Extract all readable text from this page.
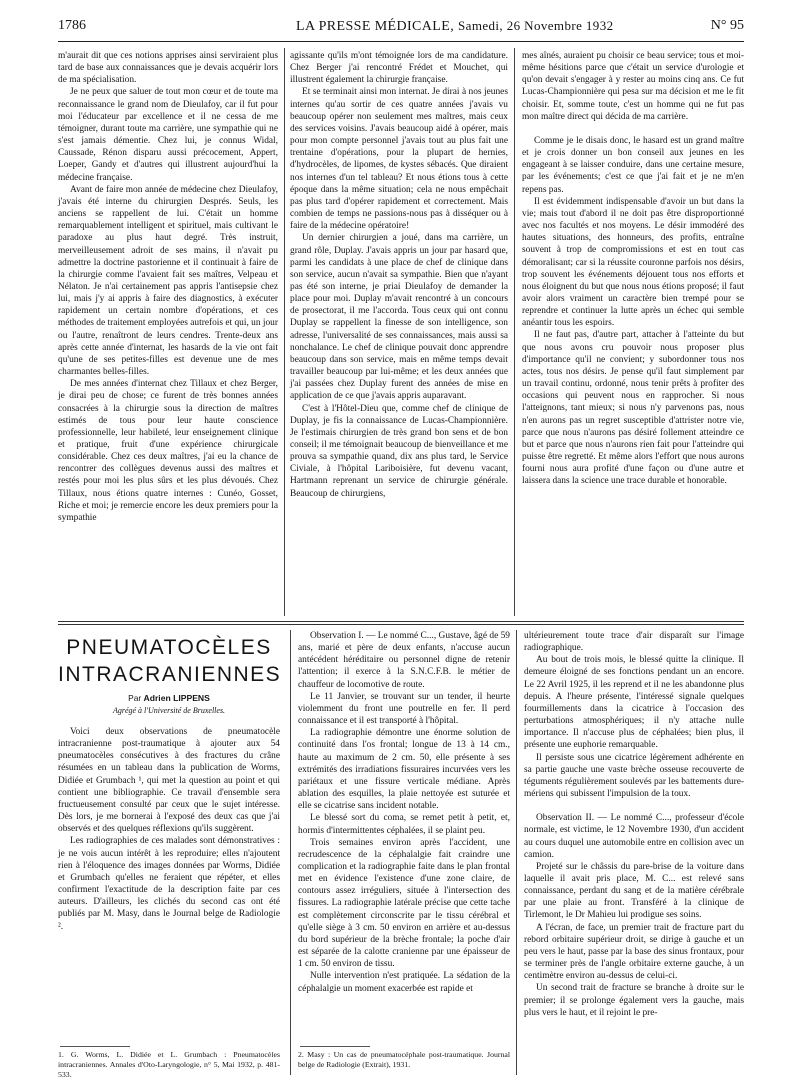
1786	LA PRESSE MÉDICALE, Samedi, 26 Novembre 1932	N° 95

m'aurait dit que ces notions apprises ainsi serviraient plus tard de base aux connaissances que je devais acquérir lors de ma spécialisation.

Je ne peux que saluer de tout mon cœur et de toute ma reconnaissance le grand nom de Dieulafoy, car il fut pour moi l'éducateur par excellence et il ne cessa de me témoigner, durant toute ma carrière, une sympathie qui ne s'est jamais démentie. Chez lui, je connus Widal, Caussade, Rénon disparu aussi précocement, Appert, Loeper, Gandy et d'autres qui illustrent aujourd'hui la médecine française.

Avant de faire mon année de médecine chez Dieulafoy, j'avais été interne du chirurgien Després. Seuls, les anciens se rappellent de lui. C'était un homme remarquablement intelligent et spirituel, mais cultivant le paradoxe au plus haut degré. Très instruit, merveilleusement adroit de ses mains, il n'avait pu admettre la doctrine pastorienne et il continuait à faire de la chirurgie comme l'avaient fait ses maîtres, Velpeau et Nélaton. Je n'ai certainement pas appris l'antisepsie chez lui, mais j'y ai appris à faire des diagnostics, à exécuter rapidement un certain nombre d'opérations, et ces méthodes de traitement employées autrefois et qui, un jour ou l'autre, renaîtront de leurs cendres. Trente-deux ans après cette année d'internat, les hasards de la vie ont fait qu'une de ses petites-filles est devenue une de mes charmantes belles-filles.

De mes années d'internat chez Tillaux et chez Berger, je dirai peu de chose; ce furent de très bonnes années consacrées à la chirurgie sous la direction de maîtres estimés de tous pour leur haute conscience professionnelle, leur habileté, leur enseignement clinique et pratique, fruit d'une expérience chirurgicale considérable. Chez ces deux maîtres, j'ai eu la chance de rencontrer des collègues devenus aussi des maîtres et restés pour moi les plus sûrs et les plus dévoués. Chez Tillaux, nous étions quatre internes : Cunéo, Gosset, Riche et moi; je remercie encore les deux premiers pour la sympathie

agissante qu'ils m'ont témoignée lors de ma candidature. Chez Berger j'ai rencontré Frédet et Mouchet, qui illustrent également la chirurgie française.

Et se terminait ainsi mon internat. Je dirai à nos jeunes internes qu'au sortir de ces quatre années j'avais vu beaucoup opérer non seulement mes maîtres, mais ceux des services voisins. J'avais beaucoup aidé à opérer, mais pour mon compte personnel j'avais tout au plus fait une trentaine d'opérations, pour la plupart de hernies, d'hydrocèles, de lipomes, de kystes sébacés. Que diraient nos internes d'un tel tableau? Et nous étions tous à cette époque dans la même situation; cela ne nous empêchait pas plus tard d'opérer rapidement et correctement. Mais combien de temps ne passions-nous pas à disséquer ou à faire de la médecine opératoire!

Un dernier chirurgien a joué, dans ma carrière, un grand rôle, Duplay. J'avais appris un jour par hasard que, parmi les candidats à une place de chef de clinique dans son service, aucun n'avait sa sympathie. Bien que n'ayant pas été son interne, je priai Dieulafoy de demander la place pour moi. Duplay m'avait rencontré à un concours de prosectorat, il me l'accorda. Tous ceux qui ont connu Duplay se rappellent la finesse de son intelligence, son adresse, l'universalité de ses connaissances, mais aussi sa nonchalance. Le chef de clinique pouvait donc apprendre beaucoup dans son service, mais en même temps devait travailler beaucoup par lui-même; et les deux années que j'ai passées chez Duplay furent des années de mise en application de ce que j'avais appris auparavant.

C'est à l'Hôtel-Dieu que, comme chef de clinique de Duplay, je fis la connaissance de Lucas-Championnière. Je l'estimais chirurgien de très grand bon sens et de bon conseil; il me témoignait beaucoup de bienveillance et me prouva sa sympathie quand, dix ans plus tard, le Service Civiale, à l'hôpital Lariboisière, fut devenu vacant, Hartmann reprenant un service de chirurgie générale. Beaucoup de chirurgiens,

mes aînés, auraient pu choisir ce beau service; tous et moi-même hésitions parce que c'était un service d'urologie et qu'on devait s'engager à y rester au moins cinq ans. Ce fut Lucas-Championnière qui pesa sur ma décision et me le fit choisir. Et, somme toute, c'est un homme qui ne fut pas mon maître direct qui décida de ma carrière.

Comme je le disais donc, le hasard est un grand maître et je crois donner un bon conseil aux jeunes en les engageant à se laisser conduire, dans une certaine mesure, par les événements; c'est ce que j'ai fait et je ne m'en repens pas.

Il est évidemment indispensable d'avoir un but dans la vie; mais tout d'abord il ne doit pas être disproportionné avec nos facultés et nos moyens. Le désir immodéré des hautes situations, des honneurs, des profits, entraîne souvent à trop de compromissions et est en tout cas démoralisant; car si la réussite couronne parfois nos désirs, trop souvent les événements déjouent tous nos efforts et nous éloignent du but que nous nous étions proposé; il faut avoir alors vraiment un caractère bien trempé pour se reprendre et continuer la lutte après un échec qui semble anéantir tous les espoirs.

Il ne faut pas, d'autre part, attacher à l'atteinte du but que nous avons cru pouvoir nous proposer plus d'importance qu'il ne convient; y subordonner tous nos actes, tous nos désirs. Je pense qu'il faut simplement par un travail continu, ordonné, nous tenir prêts à profiter des occasions qui peuvent nous en rapprocher. Si nous l'atteignons, tant mieux; si nous n'y parvenons pas, nous n'en aurons pas un regret susceptible d'attrister notre vie, parce que nous n'aurons pas désiré follement atteindre ce but et parce que nous n'aurons rien fait pour l'atteindre qui puisse être regretté. Et même alors l'effort que nous aurons fourni nous aura profité d'une façon ou d'une autre et laissera dans la science une trace durable et honorable.

PNEUMATOCÈLES
INTRACRANIENNES
Par Adrien LIPPENS
Agrégé à l'Université de Bruxelles.

Voici deux observations de pneumatocèle intracranienne post-traumatique à ajouter aux 54 pneumatocèles consécutives à des fractures du crâne résumées en un tableau dans la publication de Worms, Didiée et Grumbach ¹, qui met la question au point et qui contient une bibliographie. Ce travail d'ensemble sera fructueusement consulté par ceux que le sujet intéresse. Dès lors, je me bornerai à l'exposé des deux cas que j'ai observés et des quelques réflexions qu'ils suggèrent.

Les radiographies de ces malades sont démonstratives : je ne vois aucun intérêt à les reproduire; elles n'ajoutent rien à l'éloquence des images données par Worms, Didiée et Grumbach qu'elles ne feraient que répéter, et elles confirment l'exactitude de la description faite par ces auteurs. D'ailleurs, les clichés du second cas ont été publiés par M. Masy, dans le Journal belge de Radiologie ².

1. G. Worms, L. Didiée et L. Grumbach : Pneumatocèles intracraniennes. Annales d'Oto-Laryngologie, n° 5, Mai 1932, p. 481-533.

Observation I. — Le nommé C..., Gustave, âgé de 59 ans, marié et père de deux enfants, n'accuse aucun antécédent héréditaire ou personnel digne de retenir l'attention; il exerce à la S.N.C.F.B. le métier de chauffeur de locomotive de route.

Le 11 Janvier, se trouvant sur un tender, il heurte violemment du front une poutrelle en fer. Il perd connaissance et il est transporté à l'hôpital.

La radiographie démontre une énorme solution de continuité dans l'os frontal; longue de 13 à 14 cm., haute au maximum de 2 cm. 50, elle présente à ses extrémités des irradiations fissuraires incurvées vers les pariétaux et une fissure verticale médiane. Après ablation des esquilles, la plaie nettoyée est suturée et elle se cicatrise sans incident notable.

Le blessé sort du coma, se remet petit à petit, et, hormis d'intermittentes céphalées, il se plaint peu.

Trois semaines environ après l'accident, une recrudescence de la céphalalgie fait craindre une complication et la radiographie faite dans le plan frontal met en évidence l'existence d'une zone claire, de contours assez irréguliers, située à l'intersection des fissures. La radiographie latérale précise que cette tache est complètement circonscrite par le tissu cérébral et qu'elle siège à 3 cm. 50 environ en arrière et au-dessus du bord supérieur de la brèche frontale; la poche d'air est séparée de la calotte cranienne par une épaisseur de 1 cm. 50 environ de tissu.

Nulle intervention n'est pratiquée. La sédation de la céphalalgie un moment exacerbée est rapide et

2. Masy : Un cas de pneumatocéphale post-traumatique. Journal belge de Radiologie (Extrait), 1931.

ultérieurement toute trace d'air disparaît sur l'image radiographique.

Au bout de trois mois, le blessé quitte la clinique. Il demeure éloigné de ses fonctions pendant un an encore. Le 22 Avril 1925, il les reprend et il ne les abandonne plus depuis. A l'heure présente, l'intéressé signale quelques fourmillements dans la cicatrice à l'occasion des perturbations atmosphériques; il n'y attache nulle importance. Il n'accuse plus de céphalées; bien plus, il présente une euphorie remarquable.

Il persiste sous une cicatrice légèrement adhérente en sa partie gauche une vaste brèche osseuse recouverte de téguments régulièrement soulevés par les battements dure-mériens qui subissent l'impulsion de la toux.

Observation II. — Le nommé C..., professeur d'école normale, est victime, le 12 Novembre 1930, d'un accident au cours duquel une automobile entre en collision avec un camion.

Projeté sur le châssis du pare-brise de la voiture dans laquelle il avait pris place, M. C... est relevé sans connaissance, perdant du sang et de la matière cérébrale par une plaie au front. Transféré à la clinique de Tirlemont, le Dr Mahieu lui prodigue ses soins.

A l'écran, de face, un premier trait de fracture part du rebord orbitaire supérieur droit, se dirige à gauche et un peu vers le haut, passe par la base des sinus frontaux, pour se terminer près de l'angle orbitaire externe gauche, à un centimètre environ au-dessus de celui-ci.

Un second trait de fracture se branche à droite sur le premier; il se prolonge également vers la gauche, mais plus vers le haut, et il rejoint le pre-
